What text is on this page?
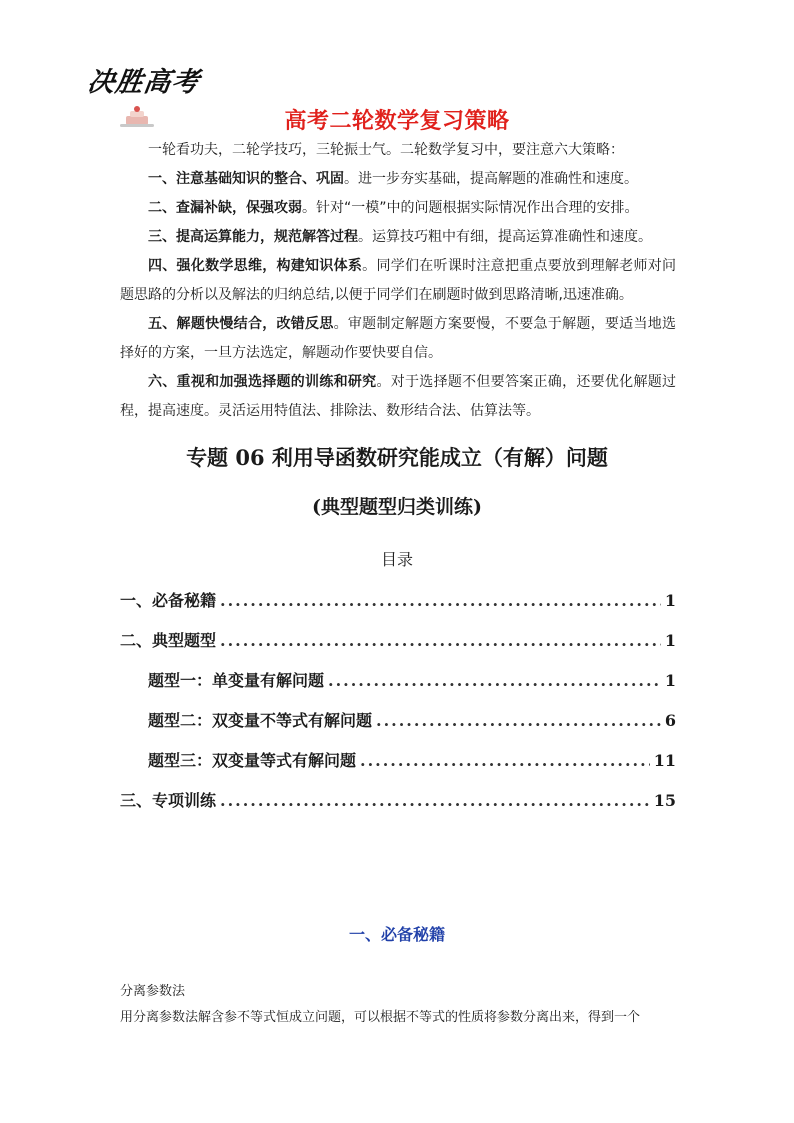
决胜高考
高考二轮数学复习策略

一轮看功夫，二轮学技巧，三轮振士气。二轮数学复习中，要注意六大策略：

一、注意基础知识的整合、巩固。进一步夯实基础，提高解题的准确性和速度。

二、查漏补缺，保强攻弱。针对“一模”中的问题根据实际情况作出合理的安排。

三、提高运算能力，规范解答过程。运算技巧粗中有细，提高运算准确性和速度。

四、强化数学思维，构建知识体系。同学们在听课时注意把重点要放到理解老师对问题思路的分析以及解法的归纳总结,以便于同学们在刷题时做到思路清晰,迅速准确。

五、解题快慢结合，改错反思。审题制定解题方案要慢，不要急于解题，要适当地选择好的方案，一旦方法选定，解题动作要快要自信。

六、重视和加强选择题的训练和研究。对于选择题不但要答案正确，还要优化解题过程，提高速度。灵活运用特值法、排除法、数形结合法、估算法等。

专题 06 利用导函数研究能成立（有解）问题
(典型题型归类训练)
目录
一、必备秘籍 .....	1
二、典型题型 .....	1
题型一：单变量有解问题 .....	1
题型二：双变量不等式有解问题 .....	6
题型三：双变量等式有解问题 .....	11
三、专项训练 .....	15
一、必备秘籍
分离参数法
用分离参数法解含参不等式恒成立问题，可以根据不等式的性质将参数分离出来，得到一个
